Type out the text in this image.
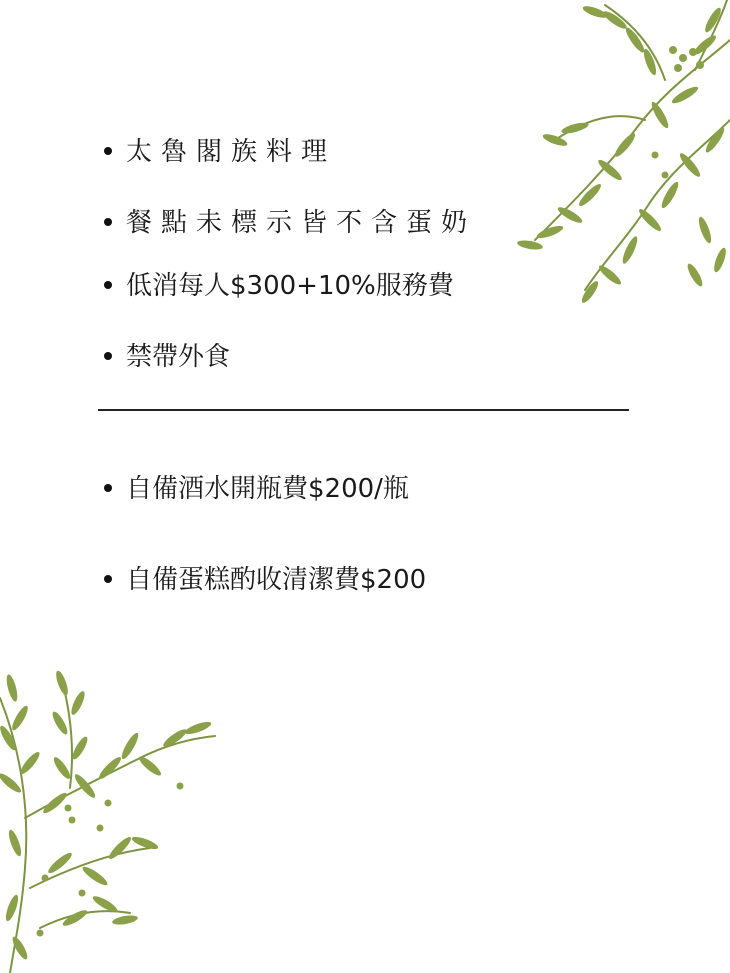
太魯閣族料理
餐點未標示皆不含蛋奶
低消每人$300+10%服務費
禁帶外食
自備酒水開瓶費$200/瓶
自備蛋糕酌收清潔費$200
